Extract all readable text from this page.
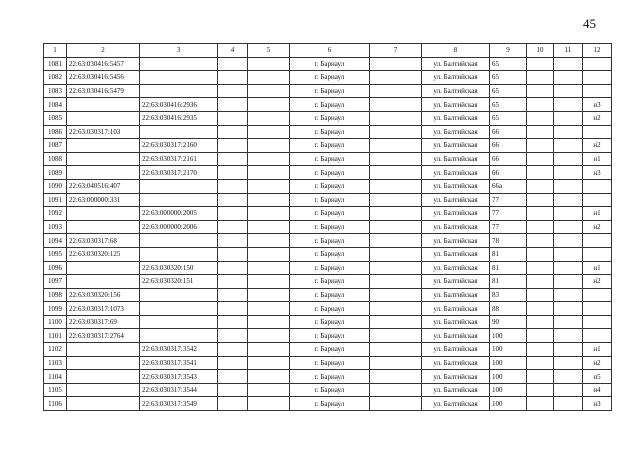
45
1	2	3	4	5	6	7	8	9	10	11	12
1081	22:63:030416:5457				г. Барнаул		ул. Балтийская	65			
1082	22:63:030416:5456				г. Барнаул		ул. Балтийская	65			
1083	22:63:030416:5479				г. Барнаул		ул. Балтийская	65			
1084		22:63:030416:2936			г. Барнаул		ул. Балтийская	65			н3
1085		22:63:030416:2935			г. Барнаул		ул. Балтийская	65			н2
1086	22:63:030317:103				г. Барнаул		ул. Балтийская	66			
1087		22:63:030317:2160			г. Барнаул		ул. Балтийская	66			н2
1088		22:63:030317:2161			г. Барнаул		ул. Балтийская	66			н1
1089		22:63:030317:2170			г. Барнаул		ул. Балтийская	66			н3
1090	22:63:040516:407				г. Барнаул		ул. Балтийская	66а			
1091	22:63:000000:331				г. Барнаул		ул. Балтийская	77			
1092		22:63:000000:2005			г. Барнаул		ул. Балтийская	77			н1
1093		22:63:000000:2006			г. Барнаул		ул. Балтийская	77			н2
1094	22:63:030317:68				г. Барнаул		ул. Балтийская	78			
1095	22:63:030320:125				г. Барнаул		ул. Балтийская	81			
1096		22:63:030320:150			г. Барнаул		ул. Балтийская	81			н1
1097		22:63:030320:151			г. Барнаул		ул. Балтийская	81			н2
1098	22:63:030320:156				г. Барнаул		ул. Балтийская	83			
1099	22:63:030317:1073				г. Барнаул		ул. Балтийская	88			
1100	22:63:030317:69				г. Барнаул		ул. Балтийская	90			
1101	22:63:030317:2764				г. Барнаул		ул. Балтийская	100			
1102		22:63:030317:3542			г. Барнаул		ул. Балтийская	100			н1
1103		22:63:030317:3541			г. Барнаул		ул. Балтийская	100			н2
1104		22:63:030317:3543			г. Барнаул		ул. Балтийская	100			н5
1105		22:63:030317:3544			г. Барнаул		ул. Балтийская	100			н4
1106		22:63:030317:3549			г. Барнаул		ул. Балтийская	100			н3
